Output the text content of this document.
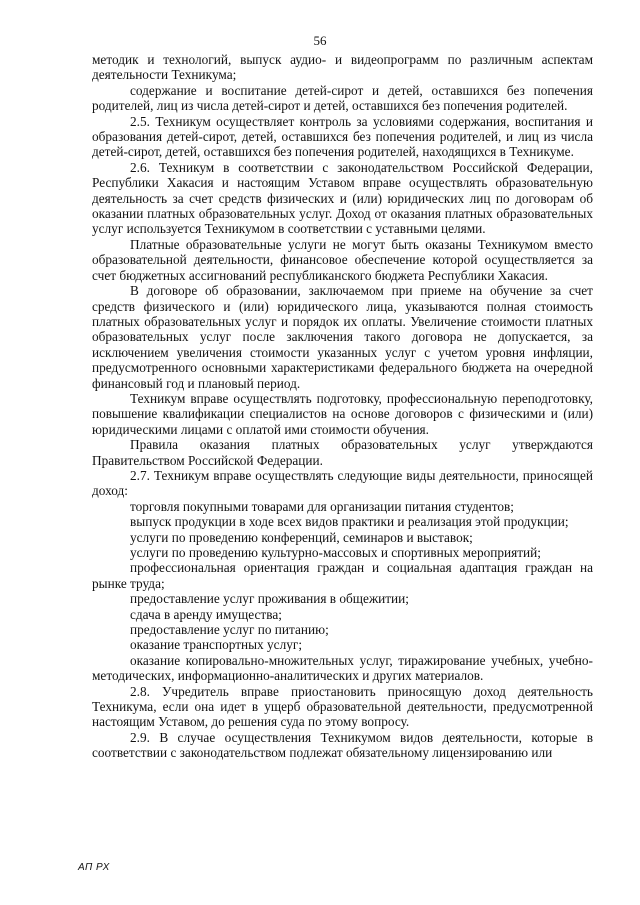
56

методик и технологий, выпуск аудио- и видеопрограмм по различным аспектам деятельности Техникума;

содержание и воспитание детей-сирот и детей, оставшихся без попечения родителей, лиц из числа детей-сирот и детей, оставшихся без попечения родителей.

2.5. Техникум осуществляет контроль за условиями содержания, воспитания и образования детей-сирот, детей, оставшихся без попечения родителей, и лиц из числа детей-сирот, детей, оставшихся без попечения родителей, находящихся в Техникуме.

2.6. Техникум в соответствии с законодательством Российской Федерации, Республики Хакасия и настоящим Уставом вправе осуществлять образовательную деятельность за счет средств физических и (или) юридических лиц по договорам об оказании платных образовательных услуг. Доход от оказания платных образовательных услуг используется Техникумом в соответствии с уставными целями.

Платные образовательные услуги не могут быть оказаны Техникумом вместо образовательной деятельности, финансовое обеспечение которой осуществляется за счет бюджетных ассигнований республиканского бюджета Республики Хакасия.

В договоре об образовании, заключаемом при приеме на обучение за счет средств физического и (или) юридического лица, указываются полная стоимость платных образовательных услуг и порядок их оплаты. Увеличение стоимости платных образовательных услуг после заключения такого договора не допускается, за исключением увеличения стоимости указанных услуг с учетом уровня инфляции, предусмотренного основными характеристиками федерального бюджета на очередной финансовый год и плановый период.

Техникум вправе осуществлять подготовку, профессиональную переподготовку, повышение квалификации специалистов на основе договоров с физическими и (или) юридическими лицами с оплатой ими стоимости обучения.

Правила оказания платных образовательных услуг утверждаются Правительством Российской Федерации.

2.7. Техникум вправе осуществлять следующие виды деятельности, приносящей доход:

торговля покупными товарами для организации питания студентов;

выпуск продукции в ходе всех видов практики и реализация этой продукции;

услуги по проведению конференций, семинаров и выставок;

услуги по проведению культурно-массовых и спортивных мероприятий;

профессиональная ориентация граждан и социальная адаптация граждан на рынке труда;

предоставление услуг проживания в общежитии;

сдача в аренду имущества;

предоставление услуг по питанию;

оказание транспортных услуг;

оказание копировально-множительных услуг, тиражирование учебных, учебно-методических, информационно-аналитических и других материалов.

2.8. Учредитель вправе приостановить приносящую доход деятельность Техникума, если она идет в ущерб образовательной деятельности, предусмотренной настоящим Уставом, до решения суда по этому вопросу.

2.9. В случае осуществления Техникумом видов деятельности, которые в соответствии с законодательством подлежат обязательному лицензированию или

АП РХ
